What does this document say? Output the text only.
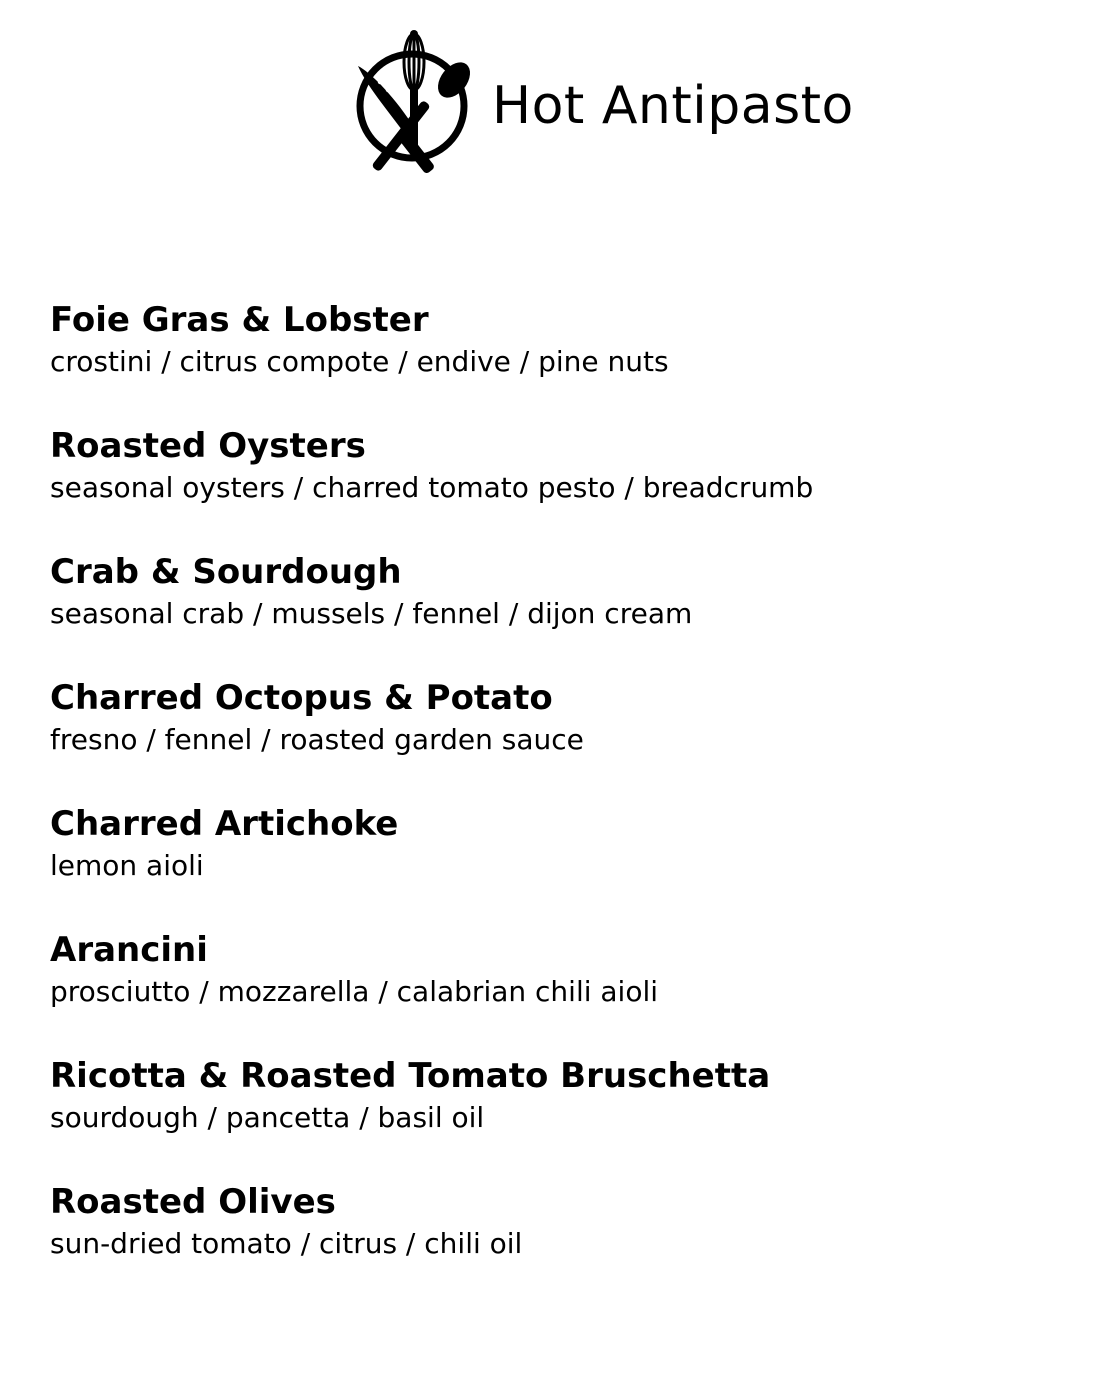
Hot Antipasto
Foie Gras & Lobster
crostini / citrus compote / endive / pine nuts
Roasted Oysters
seasonal oysters / charred tomato pesto / breadcrumb
Crab & Sourdough
seasonal crab / mussels / fennel / dijon cream
Charred Octopus & Potato
fresno / fennel / roasted garden sauce
Charred Artichoke
lemon aioli
Arancini
prosciutto / mozzarella / calabrian chili aioli
Ricotta & Roasted Tomato Bruschetta
sourdough / pancetta / basil oil
Roasted Olives
sun-dried tomato / citrus / chili oil
